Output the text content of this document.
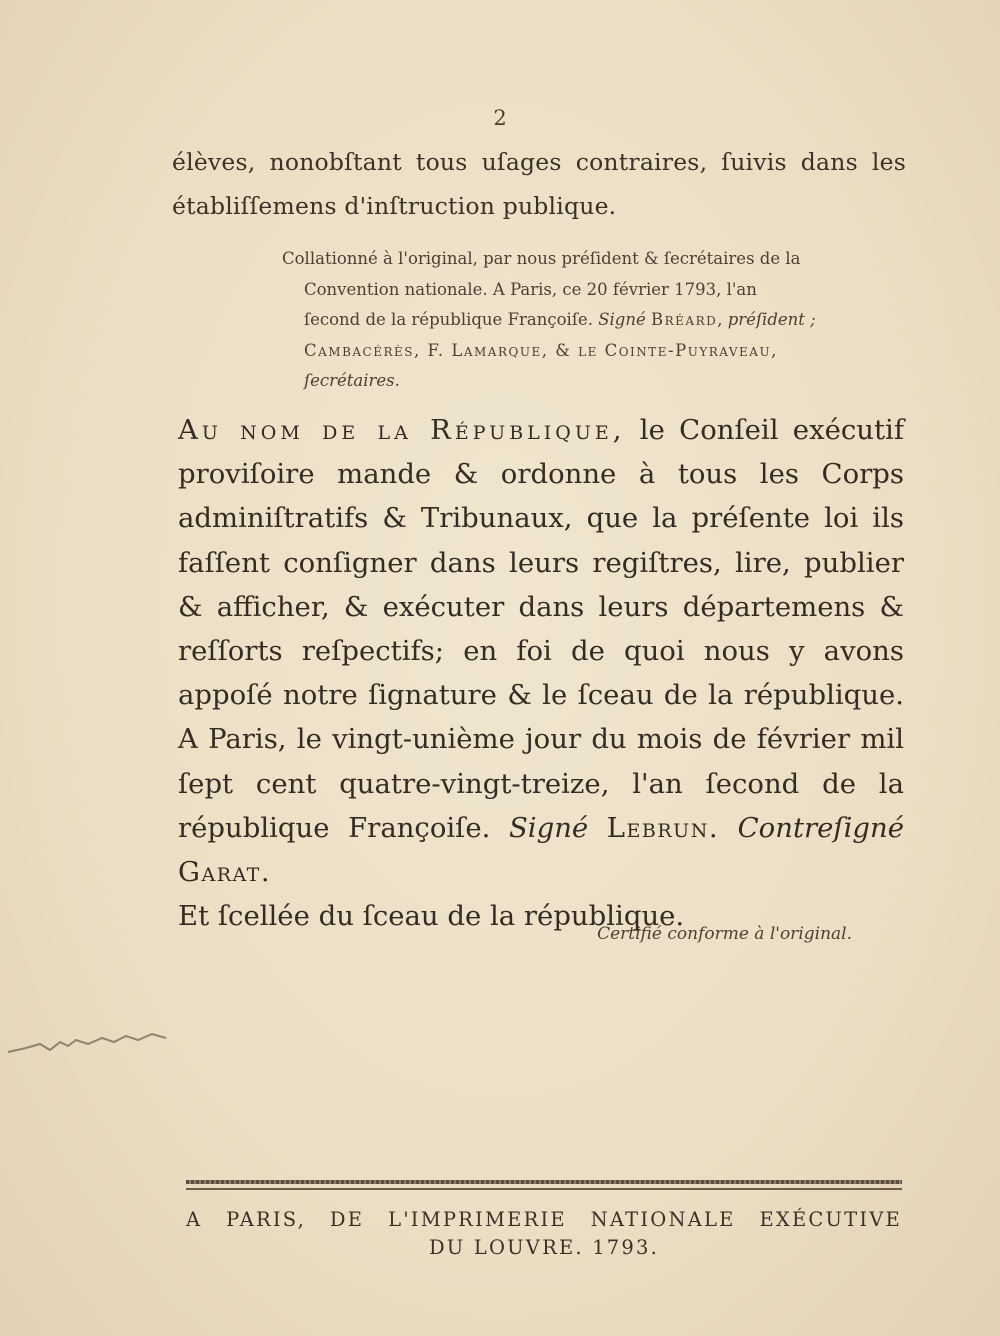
2
élèves, nonobſtant tous uſages contraires, ſuivis dans les établiſſemens d'inſtruction publique.
Collationné à l'original, par nous préſident & ſecrétaires de la
Convention nationale. A Paris, ce 20 février 1793, l'an
ſecond de la république Françoiſe. Signé Bréard, préſident ;
Cambacérès, F. Lamarque, & le Cointe-Puyraveau,
ſecrétaires.
Au nom de la République, le Conſeil exécutif proviſoire mande & ordonne à tous les Corps adminiſtratifs & Tribunaux, que la préſente loi ils faſſent conſigner dans leurs regiſtres, lire, publier & afficher, & exécuter dans leurs départemens & reſſorts reſpectifs; en foi de quoi nous y avons appoſé notre ſignature & le ſceau de la république. A Paris, le vingt-unième jour du mois de février mil ſept cent quatre-vingt-treize, l'an ſecond de la république Françoiſe. Signé Lebrun. Contreſigné Garat.
Et ſcellée du ſceau de la république.
Certifié conforme à l'original.
A PARIS, DE L'IMPRIMERIE NATIONALE EXÉCUTIVE
DU LOUVRE. 1793.
